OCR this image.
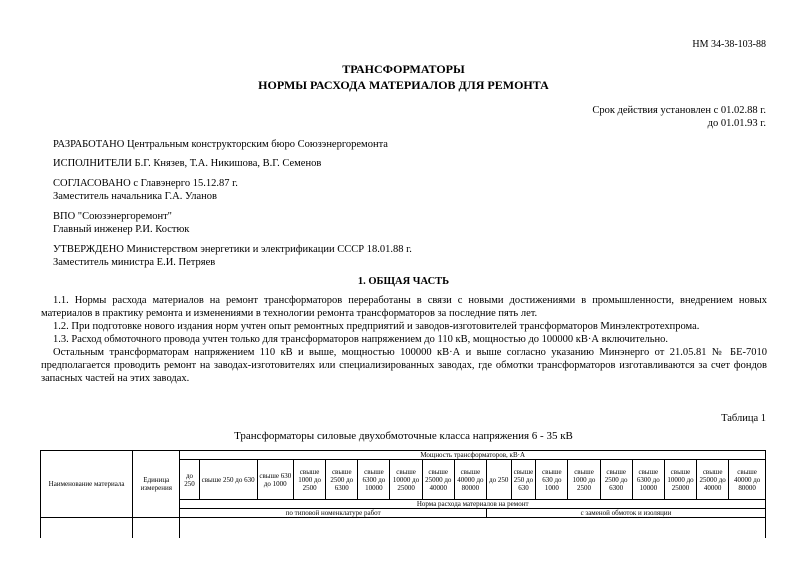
НМ 34-38-103-88
ТРАНСФОРМАТОРЫ
НОРМЫ РАСХОДА МАТЕРИАЛОВ ДЛЯ РЕМОНТА
Срок действия установлен с 01.02.88 г.
до 01.01.93 г.
РАЗРАБОТАНО Центральным конструкторским бюро Союзэнергоремонта
ИСПОЛНИТЕЛИ Б.Г. Князев, Т.А. Никишова, В.Г. Семенов
СОГЛАСОВАНО с Главэнерго 15.12.87 г.
Заместитель начальника Г.А. Уланов
ВПО "Союзэнергоремонт"
Главный инженер Р.И. Костюк
УТВЕРЖДЕНО Министерством энергетики и электрификации СССР 18.01.88 г.
Заместитель министра Е.И. Петряев
1. ОБЩАЯ ЧАСТЬ

1.1. Нормы расхода материалов на ремонт трансформаторов переработаны в связи с новыми достижениями в промышленности, внедрением новых материалов в практику ремонта и изменениями в технологии ремонта трансформаторов за последние пять лет.

1.2. При подготовке нового издания норм учтен опыт ремонтных предприятий и заводов-изготовителей трансформаторов Минэлектротехпрома.

1.3. Расход обмоточного провода учтен только для трансформаторов напряжением до 110 кВ, мощностью до 100000 кВ·А включительно.

Остальным трансформаторам напряжением 110 кВ и выше, мощностью 100000 кВ·А и выше согласно указанию Минэнерго от 21.05.81 № БЕ-7010 предполагается проводить ремонт на заводах-изготовителях или специализированных заводах, где обмотки трансформаторов изготавливаются за счет фондов запасных частей на этих заводах.

Таблица 1
Трансформаторы силовые двухобмоточные класса напряжения 6 - 35 кВ
Наименование материала	Единица измерения	Мощность трансформаторов, кВ·А																	
		до 250	свыше 250 до 630	свыше 630 до 1000	свыше 1000 до 2500	свыше 2500 до 6300	свыше 6300 до 10000	свыше 10000 до 25000	свыше 25000 до 40000	свыше 40000 до 80000	до 250	свыше 250 до 630	свыше 630 до 1000	свыше 1000 до 2500	свыше 2500 до 6300	свыше 6300 до 10000	свыше 10000 до 25000	свыше 25000 до 40000	свыше 40000 до 80000
		Норма расхода материалов на ремонт																	
		по типовой номенклатуре работ									с заменой обмоток и изоляции								
